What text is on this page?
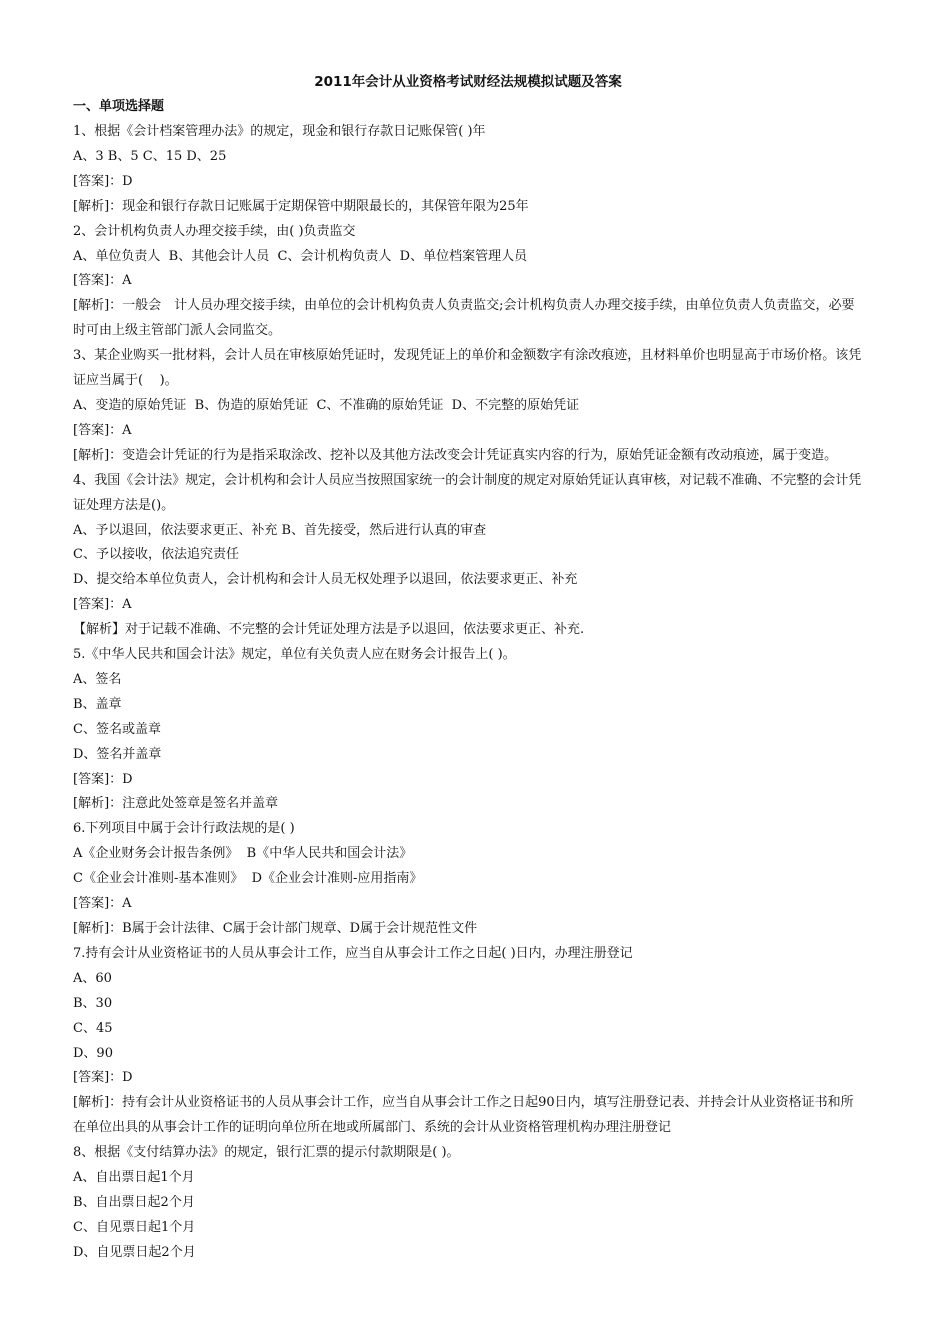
2011年会计从业资格考试财经法规模拟试题及答案
一、单项选择题

1、根据《会计档案管理办法》的规定，现金和银行存款日记账保管( )年

A、3 B、5 C、15 D、25

[答案]：D

[解析]：现金和银行存款日记账属于定期保管中期限最长的，其保管年限为25年

2、会计机构负责人办理交接手续，由( )负责监交

A、单位负责人  B、其他会计人员  C、会计机构负责人  D、单位档案管理人员

[答案]：A

[解析]：一般会　计人员办理交接手续，由单位的会计机构负责人负责监交;会计机构负责人办理交接手续，由单位负责人负责监交，必要时可由上级主管部门派人会同监交。

3、某企业购买一批材料，会计人员在审核原始凭证时，发现凭证上的单价和金额数字有涂改痕迹，且材料单价也明显高于市场价格。该凭证应当属于(    )。

A、变造的原始凭证  B、伪造的原始凭证  C、不准确的原始凭证  D、不完整的原始凭证

[答案]：A

[解析]：变造会计凭证的行为是指采取涂改、挖补以及其他方法改变会计凭证真实内容的行为，原始凭证金额有改动痕迹，属于变造。

4、我国《会计法》规定，会计机构和会计人员应当按照国家统一的会计制度的规定对原始凭证认真审核，对记载不准确、不完整的会计凭证处理方法是()。

A、予以退回，依法要求更正、补充 B、首先接受，然后进行认真的审查

C、予以接收，依法追究责任

D、提交给本单位负责人，会计机构和会计人员无权处理予以退回，依法要求更正、补充

[答案]：A

【解析】对于记载不准确、不完整的会计凭证处理方法是予以退回，依法要求更正、补充.

5.《中华人民共和国会计法》规定，单位有关负责人应在财务会计报告上( )。

A、签名

B、盖章

C、签名或盖章

D、签名并盖章

[答案]：D

[解析]：注意此处签章是签名并盖章

6.下列项目中属于会计行政法规的是( )

A《企业财务会计报告条例》  B《中华人民共和国会计法》

C《企业会计准则-基本准则》  D《企业会计准则-应用指南》

[答案]：A

[解析]：B属于会计法律、C属于会计部门规章、D属于会计规范性文件

7.持有会计从业资格证书的人员从事会计工作，应当自从事会计工作之日起( )日内，办理注册登记

A、60

B、30

C、45

D、90

[答案]：D

[解析]：持有会计从业资格证书的人员从事会计工作，应当自从事会计工作之日起90日内，填写注册登记表、并持会计从业资格证书和所在单位出具的从事会计工作的证明向单位所在地或所属部门、系统的会计从业资格管理机构办理注册登记

8、根据《支付结算办法》的规定，银行汇票的提示付款期限是( )。

A、自出票日起1个月

B、自出票日起2个月

C、自见票日起1个月

D、自见票日起2个月
